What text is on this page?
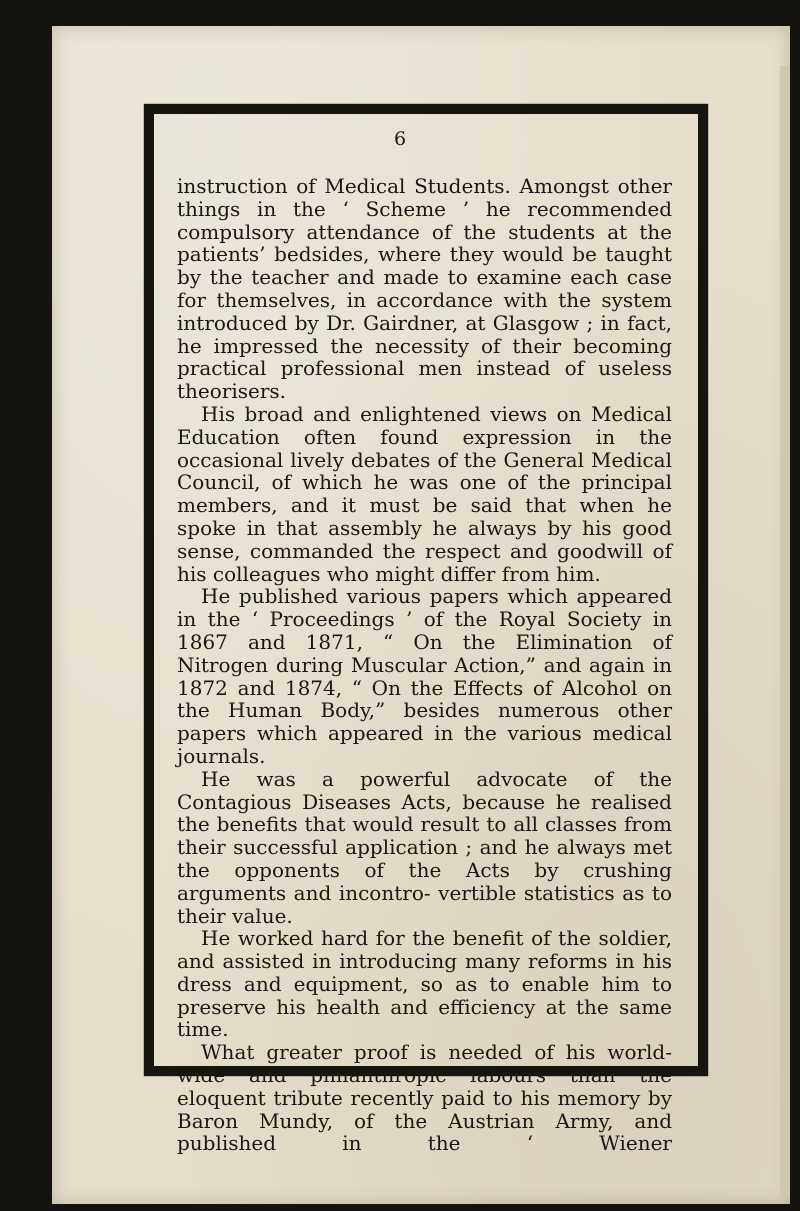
6

instruction of Medical Students. Amongst other things in the ‘ Scheme ’ he recommended compulsory attendance of the students at the patients’ bedsides, where they would be taught by the teacher and made to examine each case for themselves, in accordance with the system introduced by Dr. Gairdner, at Glasgow ; in fact, he impressed the necessity of their becoming practical professional men instead of useless theorisers.

His broad and enlightened views on Medical Education often found expression in the occasional lively debates of the General Medical Council, of which he was one of the principal members, and it must be said that when he spoke in that assembly he always by his good sense, commanded the respect and goodwill of his colleagues who might differ from him.

He published various papers which appeared in the ‘ Proceedings ’ of the Royal Society in 1867 and 1871, “ On the Elimination of Nitrogen during Muscular Action,” and again in 1872 and 1874, “ On the Effects of Alcohol on the Human Body,” besides numerous other papers which appeared in the various medical journals.

He was a powerful advocate of the Contagious Diseases Acts, because he realised the benefits that would result to all classes from their successful application ; and he always met the opponents of the Acts by crushing arguments and incontro- vertible statistics as to their value.

He worked hard for the benefit of the soldier, and assisted in introducing many reforms in his dress and equipment, so as to enable him to preserve his health and efficiency at the same time.

What greater proof is needed of his world-wide and philanthropic labours than the eloquent tribute recently paid to his memory by Baron Mundy, of the Austrian Army, and published in the ‘ Wiener
